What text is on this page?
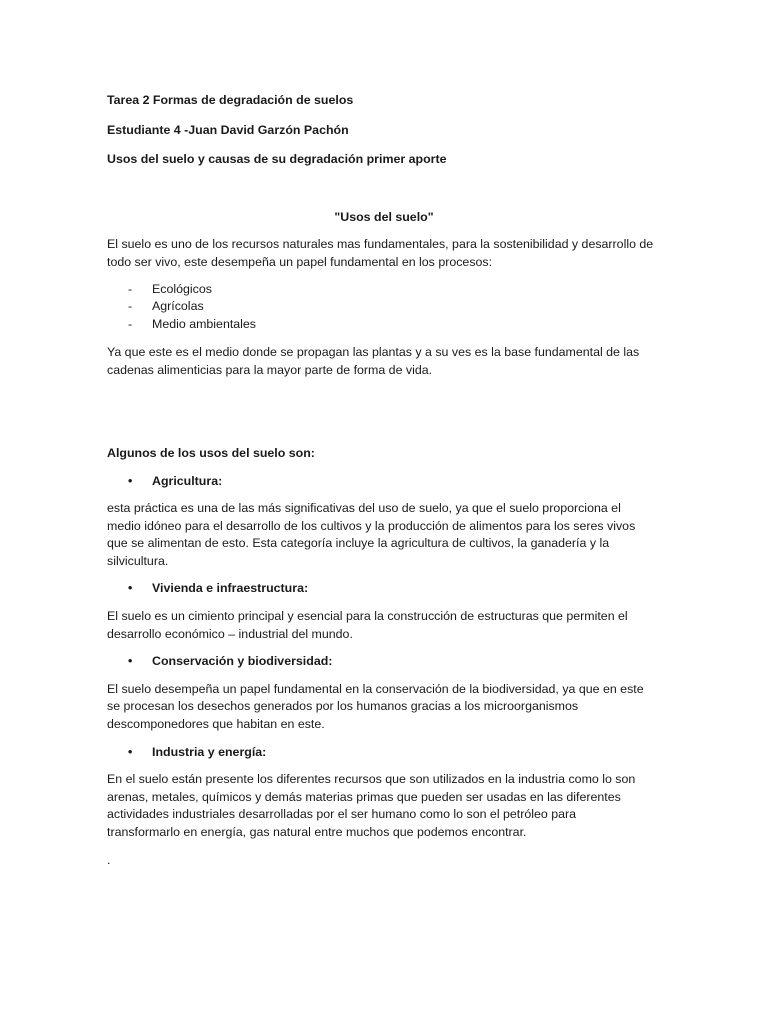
Tarea 2 Formas de degradación de suelos

Estudiante 4 -Juan David Garzón Pachón

Usos del suelo y causas de su degradación primer aporte

"Usos del suelo"

El suelo es uno de los recursos naturales mas fundamentales, para la sostenibilidad y desarrollo de

todo ser vivo, este desempeña un papel fundamental en los procesos:

- Ecológicos
- Agrícolas
- Medio ambientales

Ya que este es el medio donde se propagan las plantas y a su ves es la base fundamental de las

cadenas alimenticias para la mayor parte de forma de vida.

Algunos de los usos del suelo son:

• Agricultura:

esta práctica es una de las más significativas del uso de suelo, ya que el suelo proporciona el

medio idóneo para el desarrollo de los cultivos y la producción de alimentos para los seres vivos

que se alimentan de esto. Esta categoría incluye la agricultura de cultivos, la ganadería y la

silvicultura.

• Vivienda e infraestructura:

El suelo es un cimiento principal y esencial para la construcción de estructuras que permiten el

desarrollo económico – industrial del mundo.

• Conservación y biodiversidad:

El suelo desempeña un papel fundamental en la conservación de la biodiversidad, ya que en este

se procesan los desechos generados por los humanos gracias a los microorganismos

descomponedores que habitan en este.

• Industria y energía:

En el suelo están presente los diferentes recursos que son utilizados en la industria como lo son

arenas, metales, químicos y demás materias primas que pueden ser usadas en las diferentes

actividades industriales desarrolladas por el ser humano como lo son el petróleo para

transformarlo en energía, gas natural entre muchos que podemos encontrar.

.
